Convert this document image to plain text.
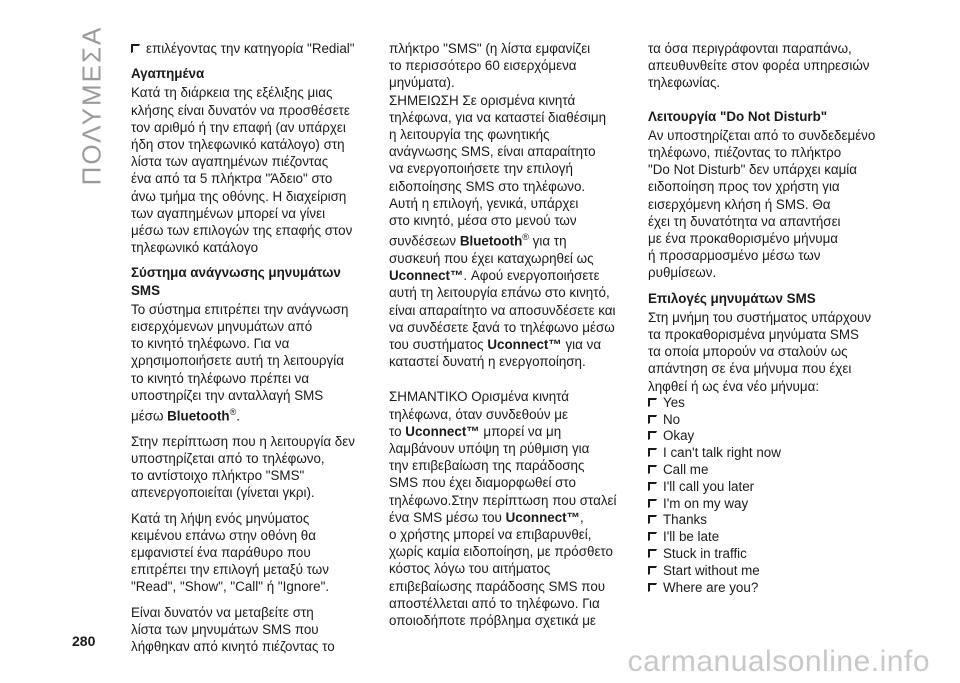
ΠΟΛΥΜΕΣΑ	επιλέγοντας την κατηγορία "Redial"

Αγαπημένα

Κατά τη διάρκεια της εξέλιξης μιας
κλήσης είναι δυνατόν να προσθέσετε
τον αριθμό ή την επαφή (αν υπάρχει
ήδη στον τηλεφωνικό κατάλογο) στη
λίστα των αγαπημένων πιέζοντας
ένα από τα 5 πλήκτρα "Άδειο" στο
άνω τμήμα της οθόνης. Η διαχείριση
των αγαπημένων μπορεί να γίνει
μέσω των επιλογών της επαφής στον
τηλεφωνικό κατάλογο

Σύστημα ανάγνωσης μηνυμάτων
SMS

Το σύστημα επιτρέπει την ανάγνωση
εισερχόμενων μηνυμάτων από
το κινητό τηλέφωνο. Για να
χρησιμοποιήσετε αυτή τη λειτουργία
το κινητό τηλέφωνο πρέπει να
υποστηρίζει την ανταλλαγή SMS
μέσω Bluetooth®.

Στην περίπτωση που η λειτουργία δεν
υποστηρίζεται από το τηλέφωνο,
το αντίστοιχο πλήκτρο "SMS"
απενεργοποιείται (γίνεται γκρι).

Κατά τη λήψη ενός μηνύματος
κειμένου επάνω στην οθόνη θα
εμφανιστεί ένα παράθυρο που
επιτρέπει την επιλογή μεταξύ των
"Read", "Show", "Call" ή "Ignore".

Είναι δυνατόν να μεταβείτε στη
λίστα των μηνυμάτων SMS που
λήφθηκαν από κινητό πιέζοντας το

πλήκτρο "SMS" (η λίστα εμφανίζει
το περισσότερο 60 εισερχόμενα
μηνύματα).

ΣΗΜΕΙΩΣΗ Σε ορισμένα κινητά
τηλέφωνα, για να καταστεί διαθέσιμη
η λειτουργία της φωνητικής
ανάγνωσης SMS, είναι απαραίτητο
να ενεργοποιήσετε την επιλογή
ειδοποίησης SMS στο τηλέφωνο.
Αυτή η επιλογή, γενικά, υπάρχει
στο κινητό, μέσα στο μενού των
συνδέσεων Bluetooth® για τη
συσκευή που έχει καταχωρηθεί ως
Uconnect™. Αφού ενεργοποιήσετε
αυτή τη λειτουργία επάνω στο κινητό,
είναι απαραίτητο να αποσυνδέσετε και
να συνδέσετε ξανά το τηλέφωνο μέσω
του συστήματος Uconnect™ για να
καταστεί δυνατή η ενεργοποίηση.

ΣΗΜΑΝΤΙΚΟ Ορισμένα κινητά
τηλέφωνα, όταν συνδεθούν με
το Uconnect™ μπορεί να μη
λαμβάνουν υπόψη τη ρύθμιση για
την επιβεβαίωση της παράδοσης
SMS που έχει διαμορφωθεί στο
τηλέφωνο.Στην περίπτωση που σταλεί
ένα SMS μέσω του Uconnect™,
ο χρήστης μπορεί να επιβαρυνθεί,
χωρίς καμία ειδοποίηση, με πρόσθετο
κόστος λόγω του αιτήματος
επιβεβαίωσης παράδοσης SMS που
αποστέλλεται από το τηλέφωνο. Για
οποιοδήποτε πρόβλημα σχετικά με

τα όσα περιγράφονται παραπάνω,
απευθυνθείτε στον φορέα υπηρεσιών
τηλεφωνίας.

Λειτουργία "Do Not Disturb"

Αν υποστηρίζεται από το συνδεδεμένο
τηλέφωνο, πιέζοντας το πλήκτρο
"Do Not Disturb" δεν υπάρχει καμία
ειδοποίηση προς τον χρήστη για
εισερχόμενη κλήση ή SMS. Θα
έχει τη δυνατότητα να απαντήσει
με ένα προκαθορισμένο μήνυμα
ή προσαρμοσμένο μέσω των
ρυθμίσεων.

Επιλογές μηνυμάτων SMS

Στη μνήμη του συστήματος υπάρχουν
τα προκαθορισμένα μηνύματα SMS
τα οποία μπορούν να σταλούν ως
απάντηση σε ένα μήνυμα που έχει
ληφθεί ή ως ένα νέο μήνυμα:

Yes
No
Okay
I can't talk right now
Call me
I'll call you later
I'm on my way
Thanks
I'll be late
Stuck in traffic
Start without me
Where are you?
280
carmanualsonline.info
